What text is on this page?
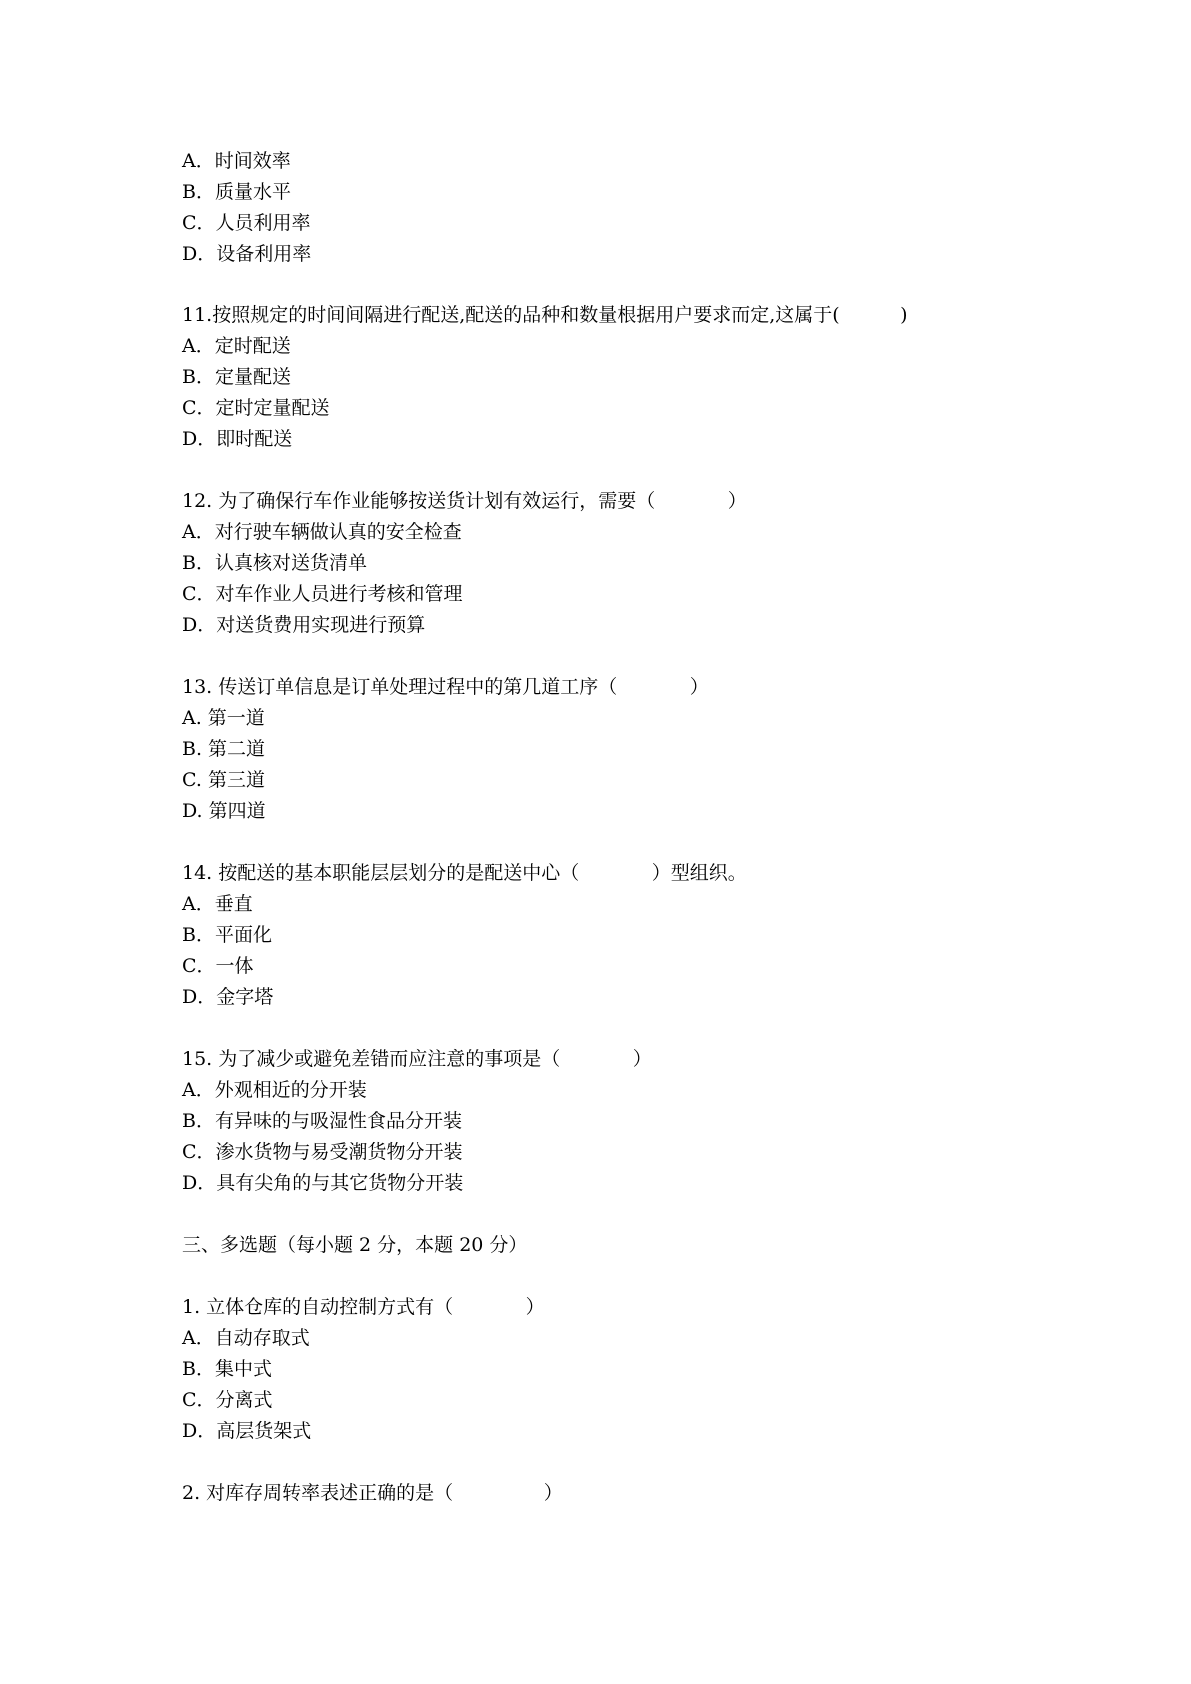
A．时间效率
B．质量水平
C．人员利用率
D．设备利用率
11.按照规定的时间间隔进行配送,配送的品种和数量根据用户要求而定,这属于(          )
A．定时配送
B．定量配送
C．定时定量配送
D．即时配送
12. 为了确保行车作业能够按送货计划有效运行，需要（            ）
A．对行驶车辆做认真的安全检查
B．认真核对送货清单
C．对车作业人员进行考核和管理
D．对送货费用实现进行预算
13. 传送订单信息是订单处理过程中的第几道工序（            ）
A. 第一道
B. 第二道
C. 第三道
D. 第四道
14. 按配送的基本职能层层划分的是配送中心（            ）型组织。
A．垂直
B．平面化
C．一体
D．金字塔
15. 为了减少或避免差错而应注意的事项是（            ）
A．外观相近的分开装
B．有异味的与吸湿性食品分开装
C．渗水货物与易受潮货物分开装
D．具有尖角的与其它货物分开装
三、多选题（每小题 2 分，本题 20 分）
1. 立体仓库的自动控制方式有（            ）
A．自动存取式
B．集中式
C．分离式
D．高层货架式
2. 对库存周转率表述正确的是（               ）
